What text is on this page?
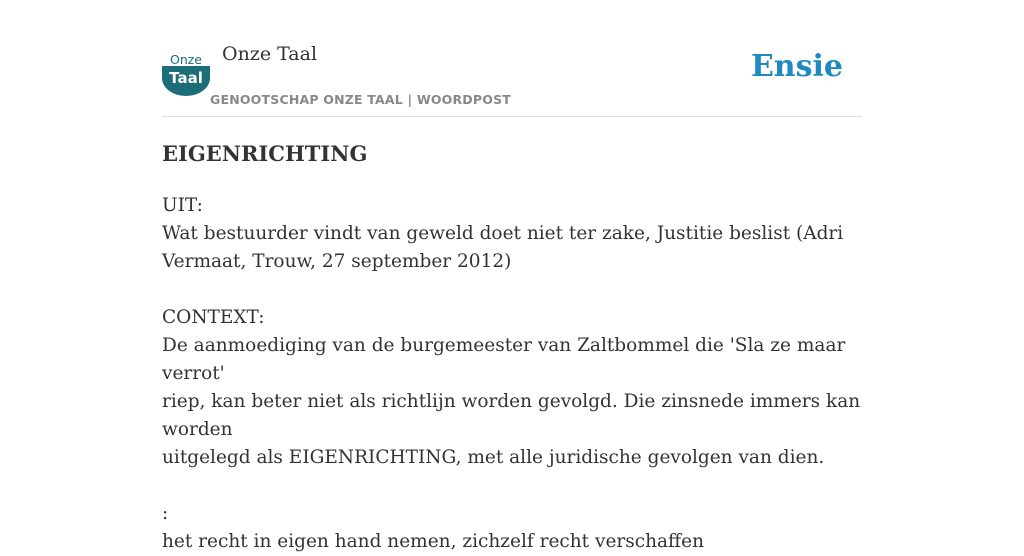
Onze
Taal
Onze Taal
GENOOTSCHAP ONZE TAAL | WOORDPOST
Ensie
EIGENRICHTING
UIT:
Wat bestuurder vindt van geweld doet niet ter zake, Justitie beslist (Adri
Vermaat, Trouw, 27 september 2012)
CONTEXT:
De aanmoediging van de burgemeester van Zaltbommel die 'Sla ze maar verrot'
riep, kan beter niet als richtlijn worden gevolgd. Die zinsnede immers kan worden
uitgelegd als EIGENRICHTING, met alle juridische gevolgen van dien.
:
het recht in eigen hand nemen, zichzelf recht verschaffen
